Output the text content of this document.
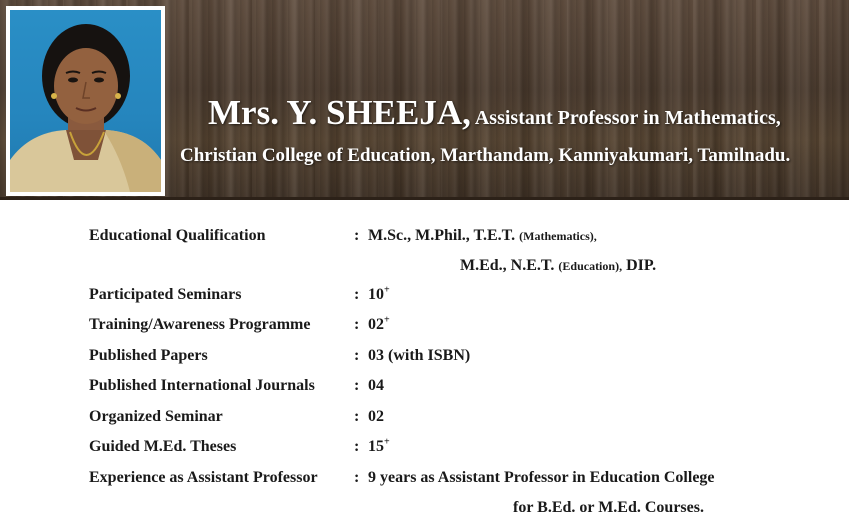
Mrs. Y. SHEEJA, Assistant Professor in Mathematics,
Christian College of Education, Marthandam, Kanniyakumari, Tamilnadu.
Educational Qualification	: M.Sc., M.Phil., T.E.T. (Mathematics),
M.Ed., N.E.T. (Education), DIP.
Participated Seminars	: 10+
Training/Awareness Programme	: 02+
Published Papers	: 03 (with ISBN)
Published International Journals : 04
Organized Seminar	: 02
Guided M.Ed. Theses	: 15+
Experience as Assistant Professor : 9 years as Assistant Professor in Education College
for B.Ed. or M.Ed. Courses.
